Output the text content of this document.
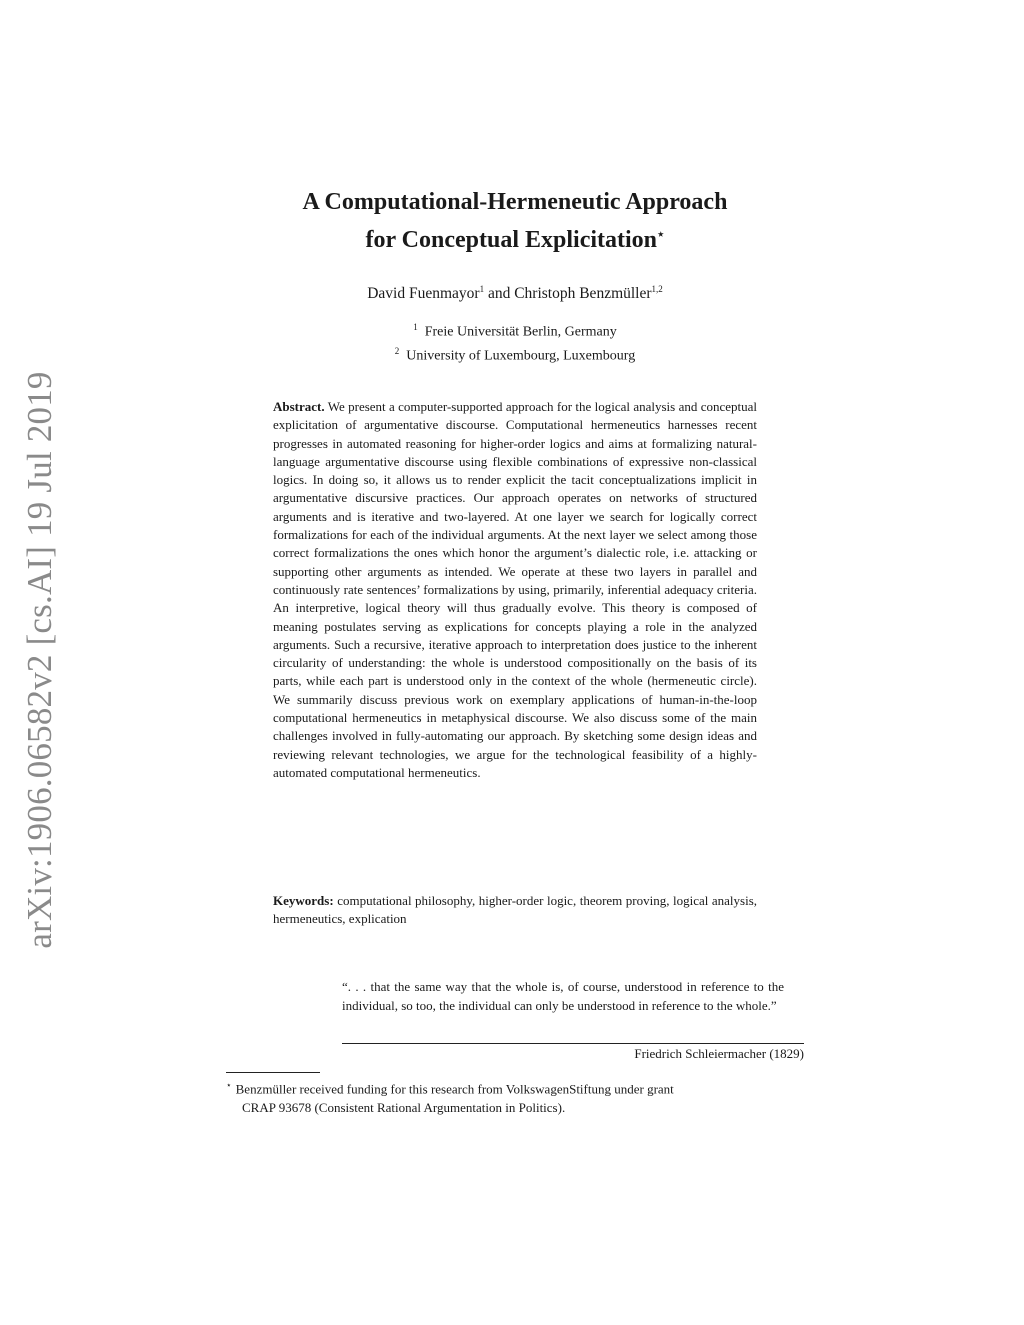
arXiv:1906.06582v2 [cs.AI] 19 Jul 2019
A Computational-Hermeneutic Approach
for Conceptual Explicitation⋆
David Fuenmayor$^1$ and Christoph Benzmüller$^{1,2}$
$^1$ Freie Universität Berlin, Germany
$^2$ University of Luxembourg, Luxembourg
Abstract. We present a computer-supported approach for the logical analysis and conceptual explicitation of argumentative discourse. Computational hermeneutics harnesses recent progresses in automated reasoning for higher-order logics and aims at formalizing natural-language argumentative discourse using flexible combinations of expressive non-classical logics. In doing so, it allows us to render explicit the tacit conceptualizations implicit in argumentative discursive practices. Our approach operates on networks of structured arguments and is iterative and two-layered. At one layer we search for logically correct formalizations for each of the individual arguments. At the next layer we select among those correct formalizations the ones which honor the argument’s dialectic role, i.e. attacking or supporting other arguments as intended. We operate at these two layers in parallel and continuously rate sentences’ formalizations by using, primarily, inferential adequacy criteria. An interpretive, logical theory will thus gradually evolve. This theory is composed of meaning postulates serving as explications for concepts playing a role in the analyzed arguments. Such a recursive, iterative approach to interpretation does justice to the inherent circularity of understanding: the whole is understood compositionally on the basis of its parts, while each part is understood only in the context of the whole (hermeneutic circle). We summarily discuss previous work on exemplary applications of human-in-the-loop computational hermeneutics in metaphysical discourse. We also discuss some of the main challenges involved in fully-automating our approach. By sketching some design ideas and reviewing relevant technologies, we argue for the technological feasibility of a highly-automated computational hermeneutics.
Keywords: computational philosophy, higher-order logic, theorem proving, logical analysis, hermeneutics, explication
“. . . that the same way that the whole is, of course, understood in reference to the individual, so too, the individual can only be understood in reference to the whole.”
Friedrich Schleiermacher (1829)
⋆ Benzmüller received funding for this research from VolkswagenStiftung under grant
CRAP 93678 (Consistent Rational Argumentation in Politics).
